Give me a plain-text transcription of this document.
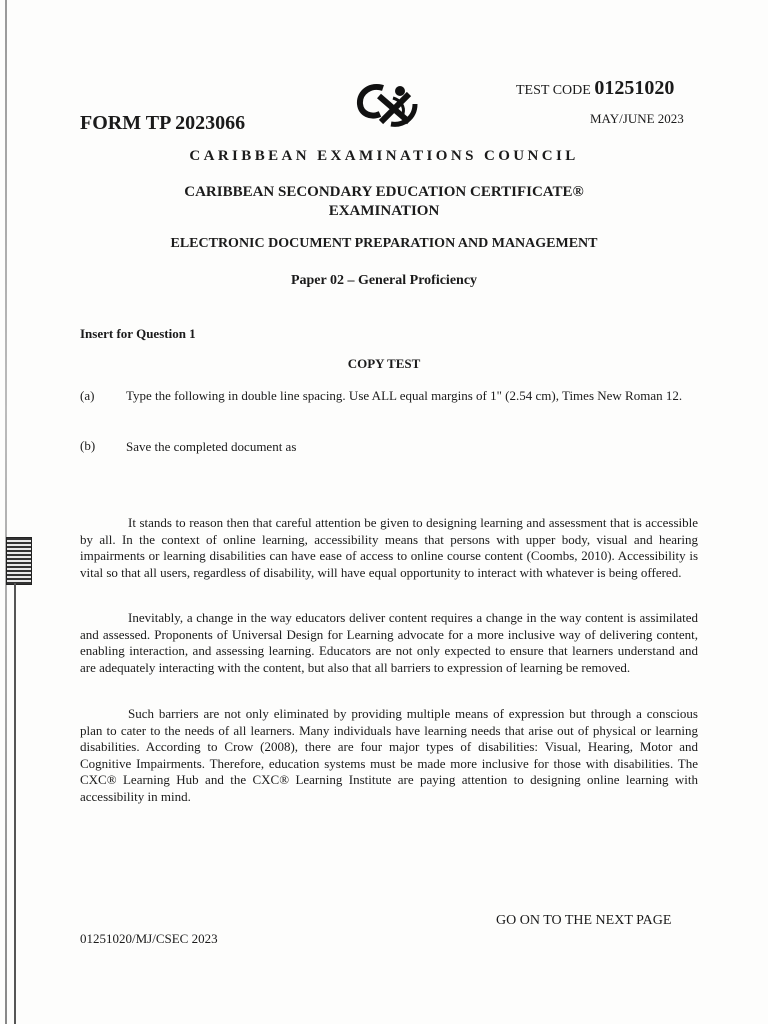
FORM TP 2023066
TEST CODE 01251020
MAY/JUNE 2023
CARIBBEAN EXAMINATIONS COUNCIL
CARIBBEAN SECONDARY EDUCATION CERTIFICATE®
EXAMINATION
ELECTRONIC DOCUMENT PREPARATION AND MANAGEMENT
Paper 02 – General Proficiency
Insert for Question 1
COPY TEST
(a) Type the following in double line spacing. Use ALL equal margins of 1" (2.54 cm), Times New Roman 12.
(b) Save the completed document as
It stands to reason then that careful attention be given to designing learning and assessment that is accessible by all. In the context of online learning, accessibility means that persons with upper body, visual and hearing impairments or learning disabilities can have ease of access to online course content (Coombs, 2010). Accessibility is vital so that all users, regardless of disability, will have equal opportunity to interact with whatever is being offered.
Inevitably, a change in the way educators deliver content requires a change in the way content is assimilated and assessed. Proponents of Universal Design for Learning advocate for a more inclusive way of delivering content, enabling interaction, and assessing learning. Educators are not only expected to ensure that learners understand and are adequately interacting with the content, but also that all barriers to expression of learning be removed.
Such barriers are not only eliminated by providing multiple means of expression but through a conscious plan to cater to the needs of all learners. Many individuals have learning needs that arise out of physical or learning disabilities. According to Crow (2008), there are four major types of disabilities: Visual, Hearing, Motor and Cognitive Impairments. Therefore, education systems must be made more inclusive for those with disabilities. The CXC® Learning Hub and the CXC® Learning Institute are paying attention to designing online learning with accessibility in mind.
GO ON TO THE NEXT PAGE
01251020/MJ/CSEC 2023
